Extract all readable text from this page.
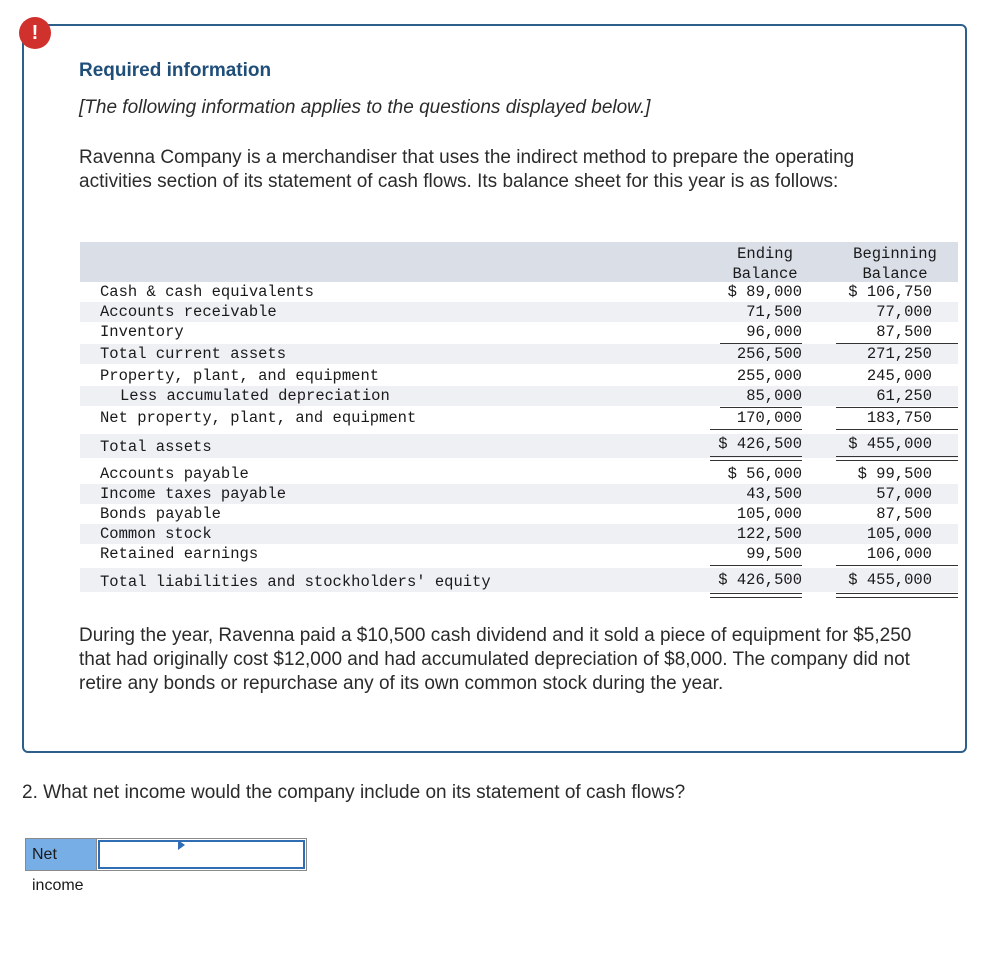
!
Required information
[The following information applies to the questions displayed below.]
Ravenna Company is a merchandiser that uses the indirect method to prepare the operating activities section of its statement of cash flows. Its balance sheet for this year is as follows:
Ending
Balance
Beginning
Balance
Cash & cash equivalents	$ 89,000	$ 106,750
Accounts receivable	71,500	77,000
Inventory	96,000	87,500
Total current assets	256,500	271,250
Property, plant, and equipment	255,000	245,000
Less accumulated depreciation	85,000	61,250
Net property, plant, and equipment	170,000	183,750
Total assets	$ 426,500	$ 455,000
Accounts payable	$ 56,000	$ 99,500
Income taxes payable	43,500	57,000
Bonds payable	105,000	87,500
Common stock	122,500	105,000
Retained earnings	99,500	106,000
Total liabilities and stockholders' equity	$ 426,500	$ 455,000
During the year, Ravenna paid a $10,500 cash dividend and it sold a piece of equipment for $5,250 that had originally cost $12,000 and had accumulated depreciation of $8,000. The company did not retire any bonds or repurchase any of its own common stock during the year.
2. What net income would the company include on its statement of cash flows?
Net income
